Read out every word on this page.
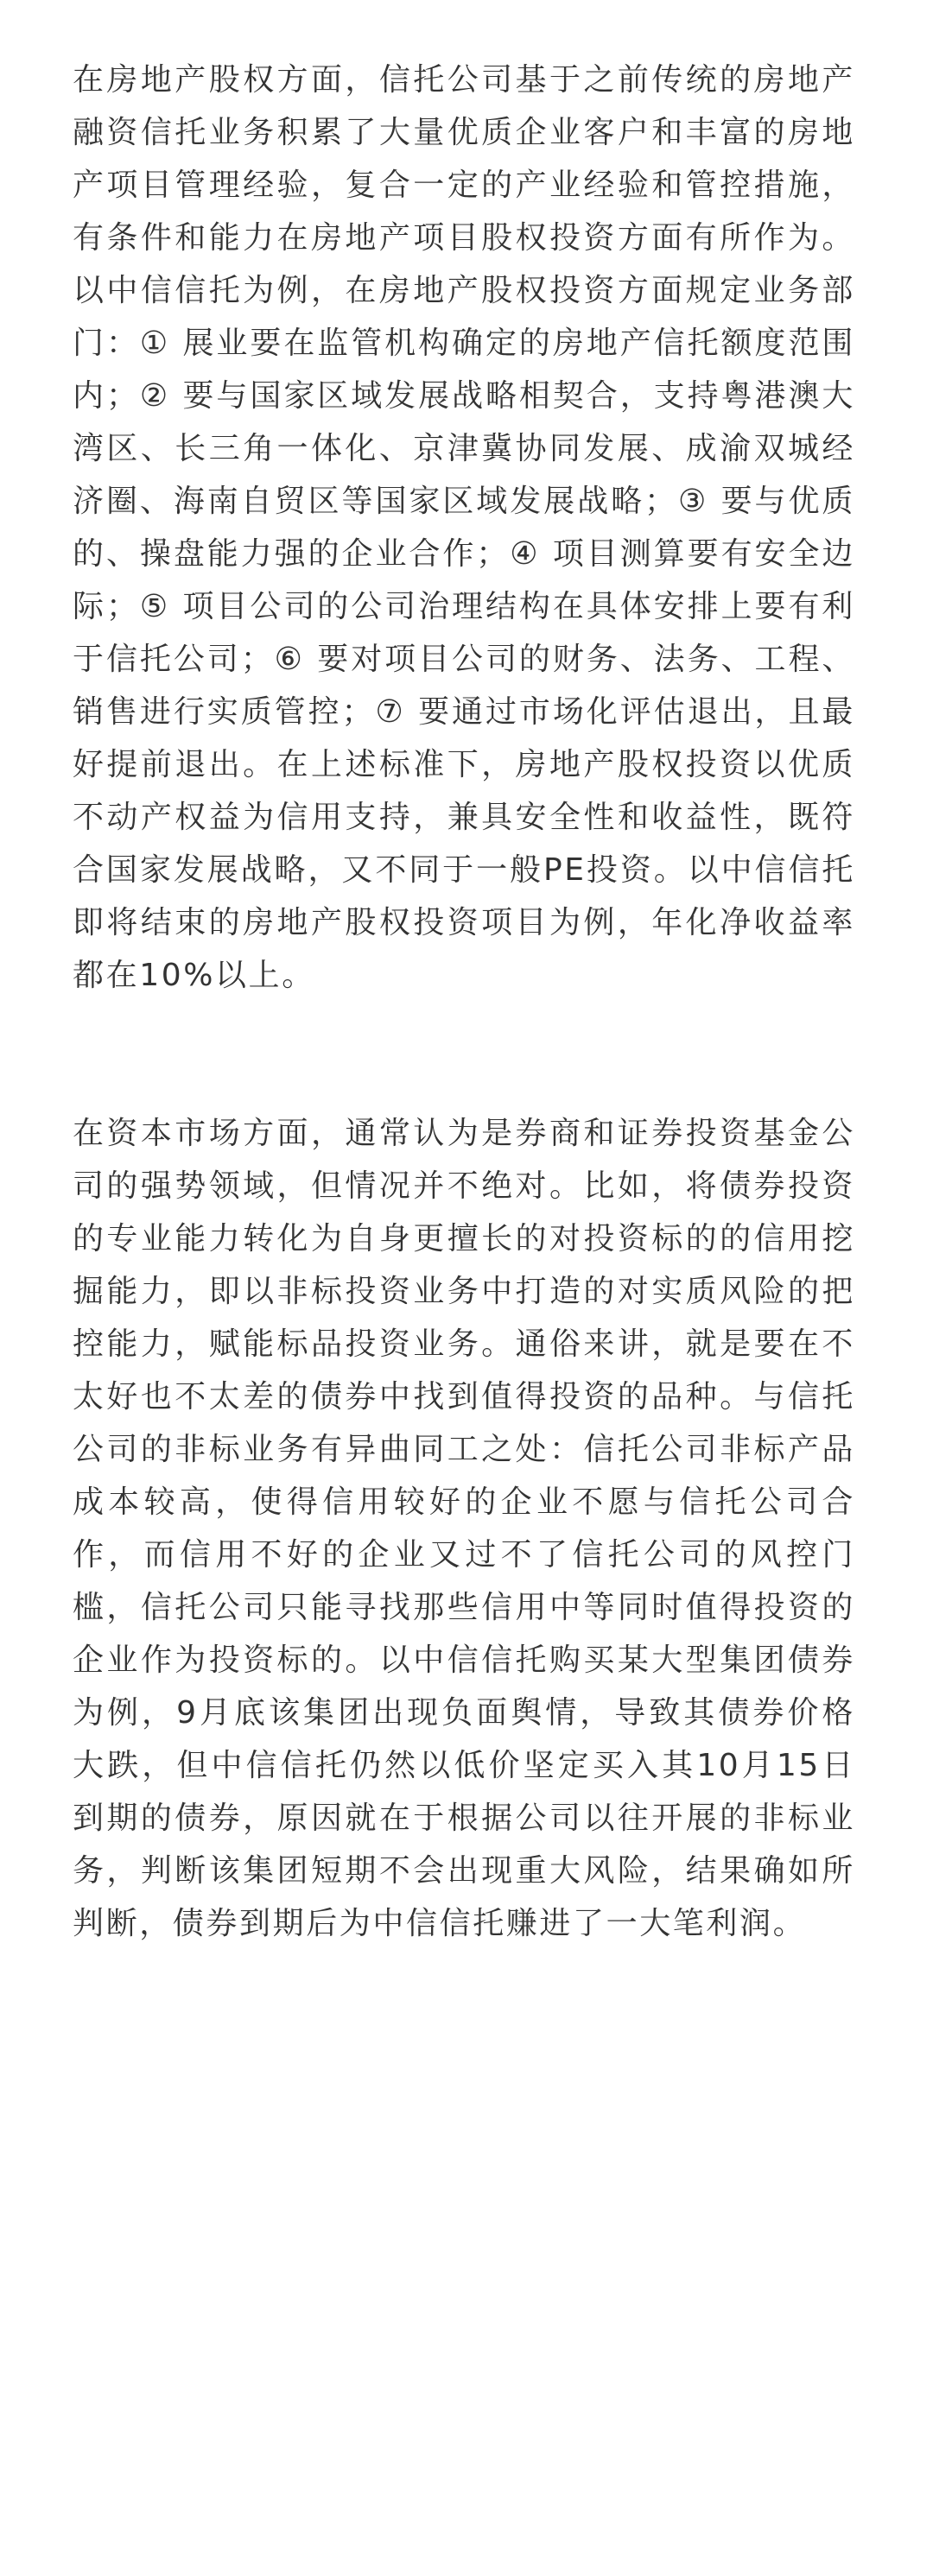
在房地产股权方面，信托公司基于之前传统的房地产融资信托业务积累了大量优质企业客户和丰富的房地产项目管理经验，复合一定的产业经验和管控措施，有条件和能力在房地产项目股权投资方面有所作为。以中信信托为例，在房地产股权投资方面规定业务部门：① 展业要在监管机构确定的房地产信托额度范围内；② 要与国家区域发展战略相契合，支持粤港澳大湾区、长三角一体化、京津冀协同发展、成渝双城经济圈、海南自贸区等国家区域发展战略；③ 要与优质的、操盘能力强的企业合作；④ 项目测算要有安全边际；⑤ 项目公司的公司治理结构在具体安排上要有利于信托公司；⑥ 要对项目公司的财务、法务、工程、销售进行实质管控；⑦ 要通过市场化评估退出，且最好提前退出。在上述标准下，房地产股权投资以优质不动产权益为信用支持，兼具安全性和收益性，既符合国家发展战略，又不同于一般PE投资。以中信信托即将结束的房地产股权投资项目为例，年化净收益率都在10%以上。

在资本市场方面，通常认为是券商和证券投资基金公司的强势领域，但情况并不绝对。比如，将债券投资的专业能力转化为自身更擅长的对投资标的的信用挖掘能力，即以非标投资业务中打造的对实质风险的把控能力，赋能标品投资业务。通俗来讲，就是要在不太好也不太差的债券中找到值得投资的品种。与信托公司的非标业务有异曲同工之处：信托公司非标产品成本较高，使得信用较好的企业不愿与信托公司合作，而信用不好的企业又过不了信托公司的风控门槛，信托公司只能寻找那些信用中等同时值得投资的企业作为投资标的。以中信信托购买某大型集团债券为例，9月底该集团出现负面舆情，导致其债券价格大跌，但中信信托仍然以低价坚定买入其10月15日到期的债券，原因就在于根据公司以往开展的非标业务，判断该集团短期不会出现重大风险，结果确如所判断，债券到期后为中信信托赚进了一大笔利润。
